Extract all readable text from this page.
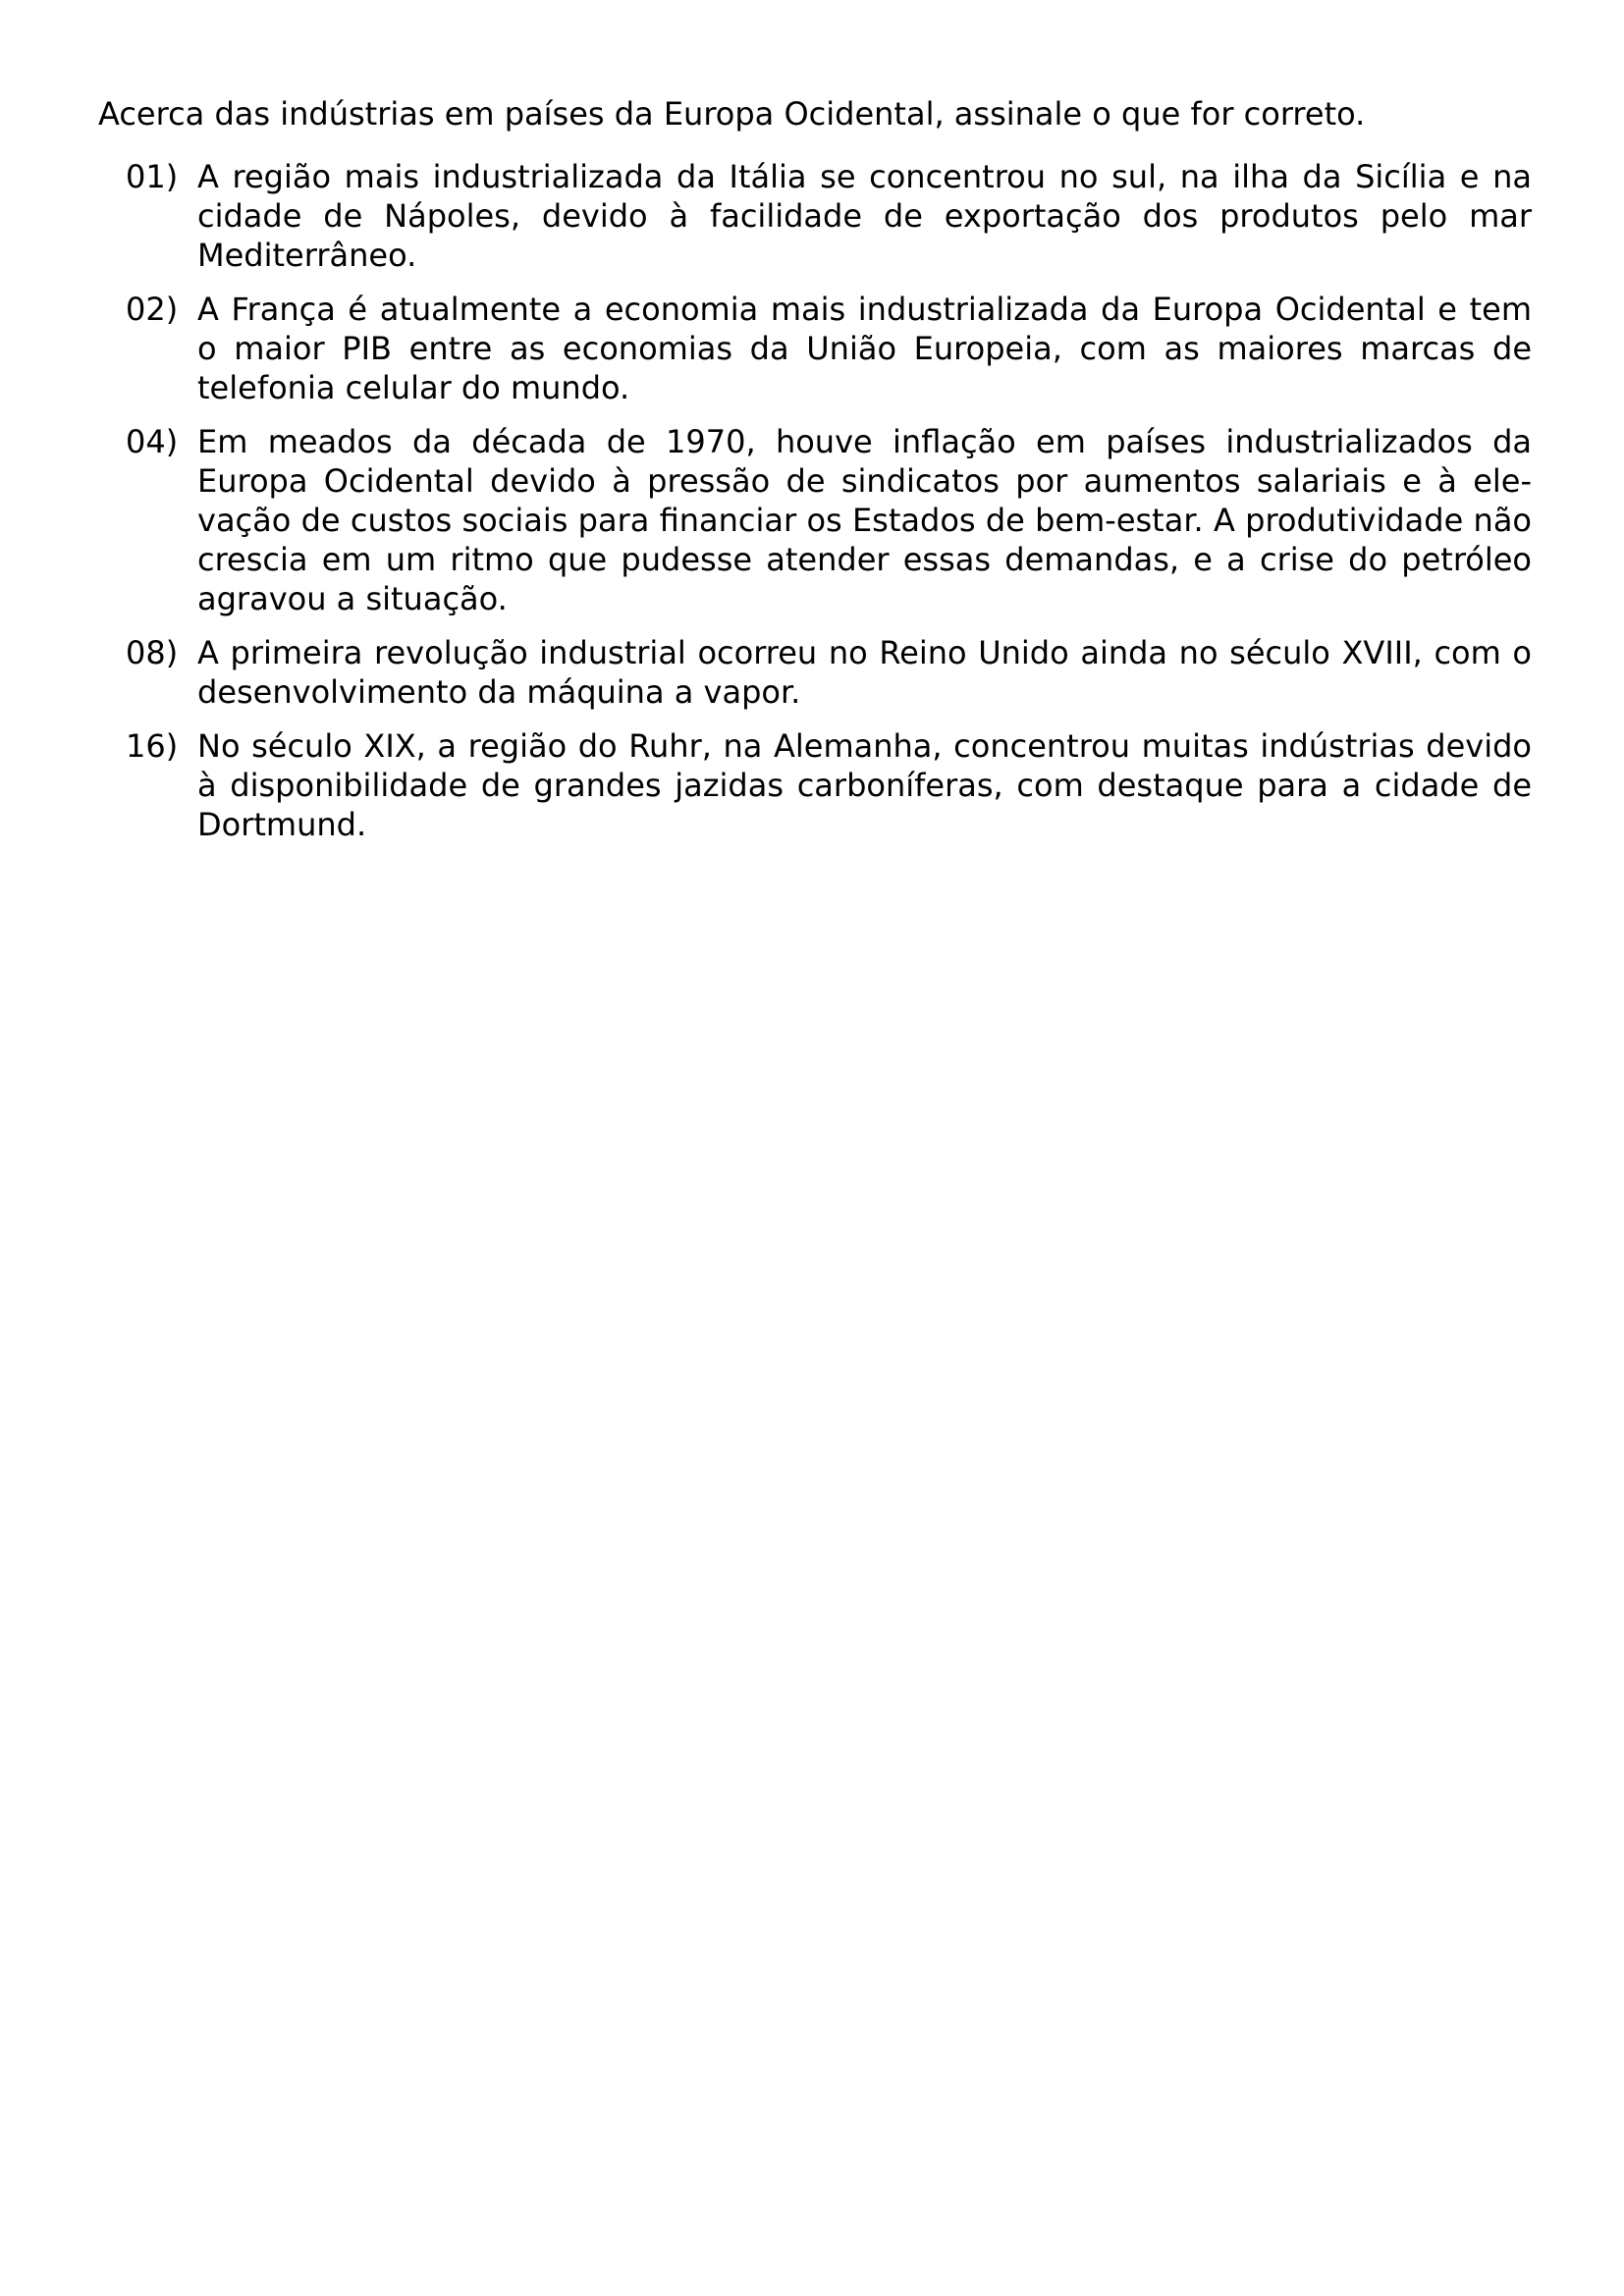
Acerca das indústrias em países da Europa Ocidental, assinale o que for correto.

01) A região mais industrializada da Itália se concentrou no sul, na ilha da Sicília e na cidade de Nápoles, devido à facilidade de exportação dos produtos pelo mar Mediterrâneo.
02) A França é atualmente a economia mais industrializada da Europa Ocidental e tem o maior PIB entre as economias da União Europeia, com as maiores marcas de telefonia celular do mundo.
04) Em meados da década de 1970, houve inflação em países industrializados da Europa Ocidental devido à pressão de sindicatos por aumentos salariais e à elevação de custos sociais para financiar os Estados de bem-estar. A produtividade não crescia em um ritmo que pudesse atender essas demandas, e a crise do petróleo agravou a situação.
08) A primeira revolução industrial ocorreu no Reino Unido ainda no século XVIII, com o desenvolvimento da máquina a vapor.
16) No século XIX, a região do Ruhr, na Alemanha, concentrou muitas indústrias devido à disponibilidade de grandes jazidas carboníferas, com destaque para a cidade de Dortmund.
